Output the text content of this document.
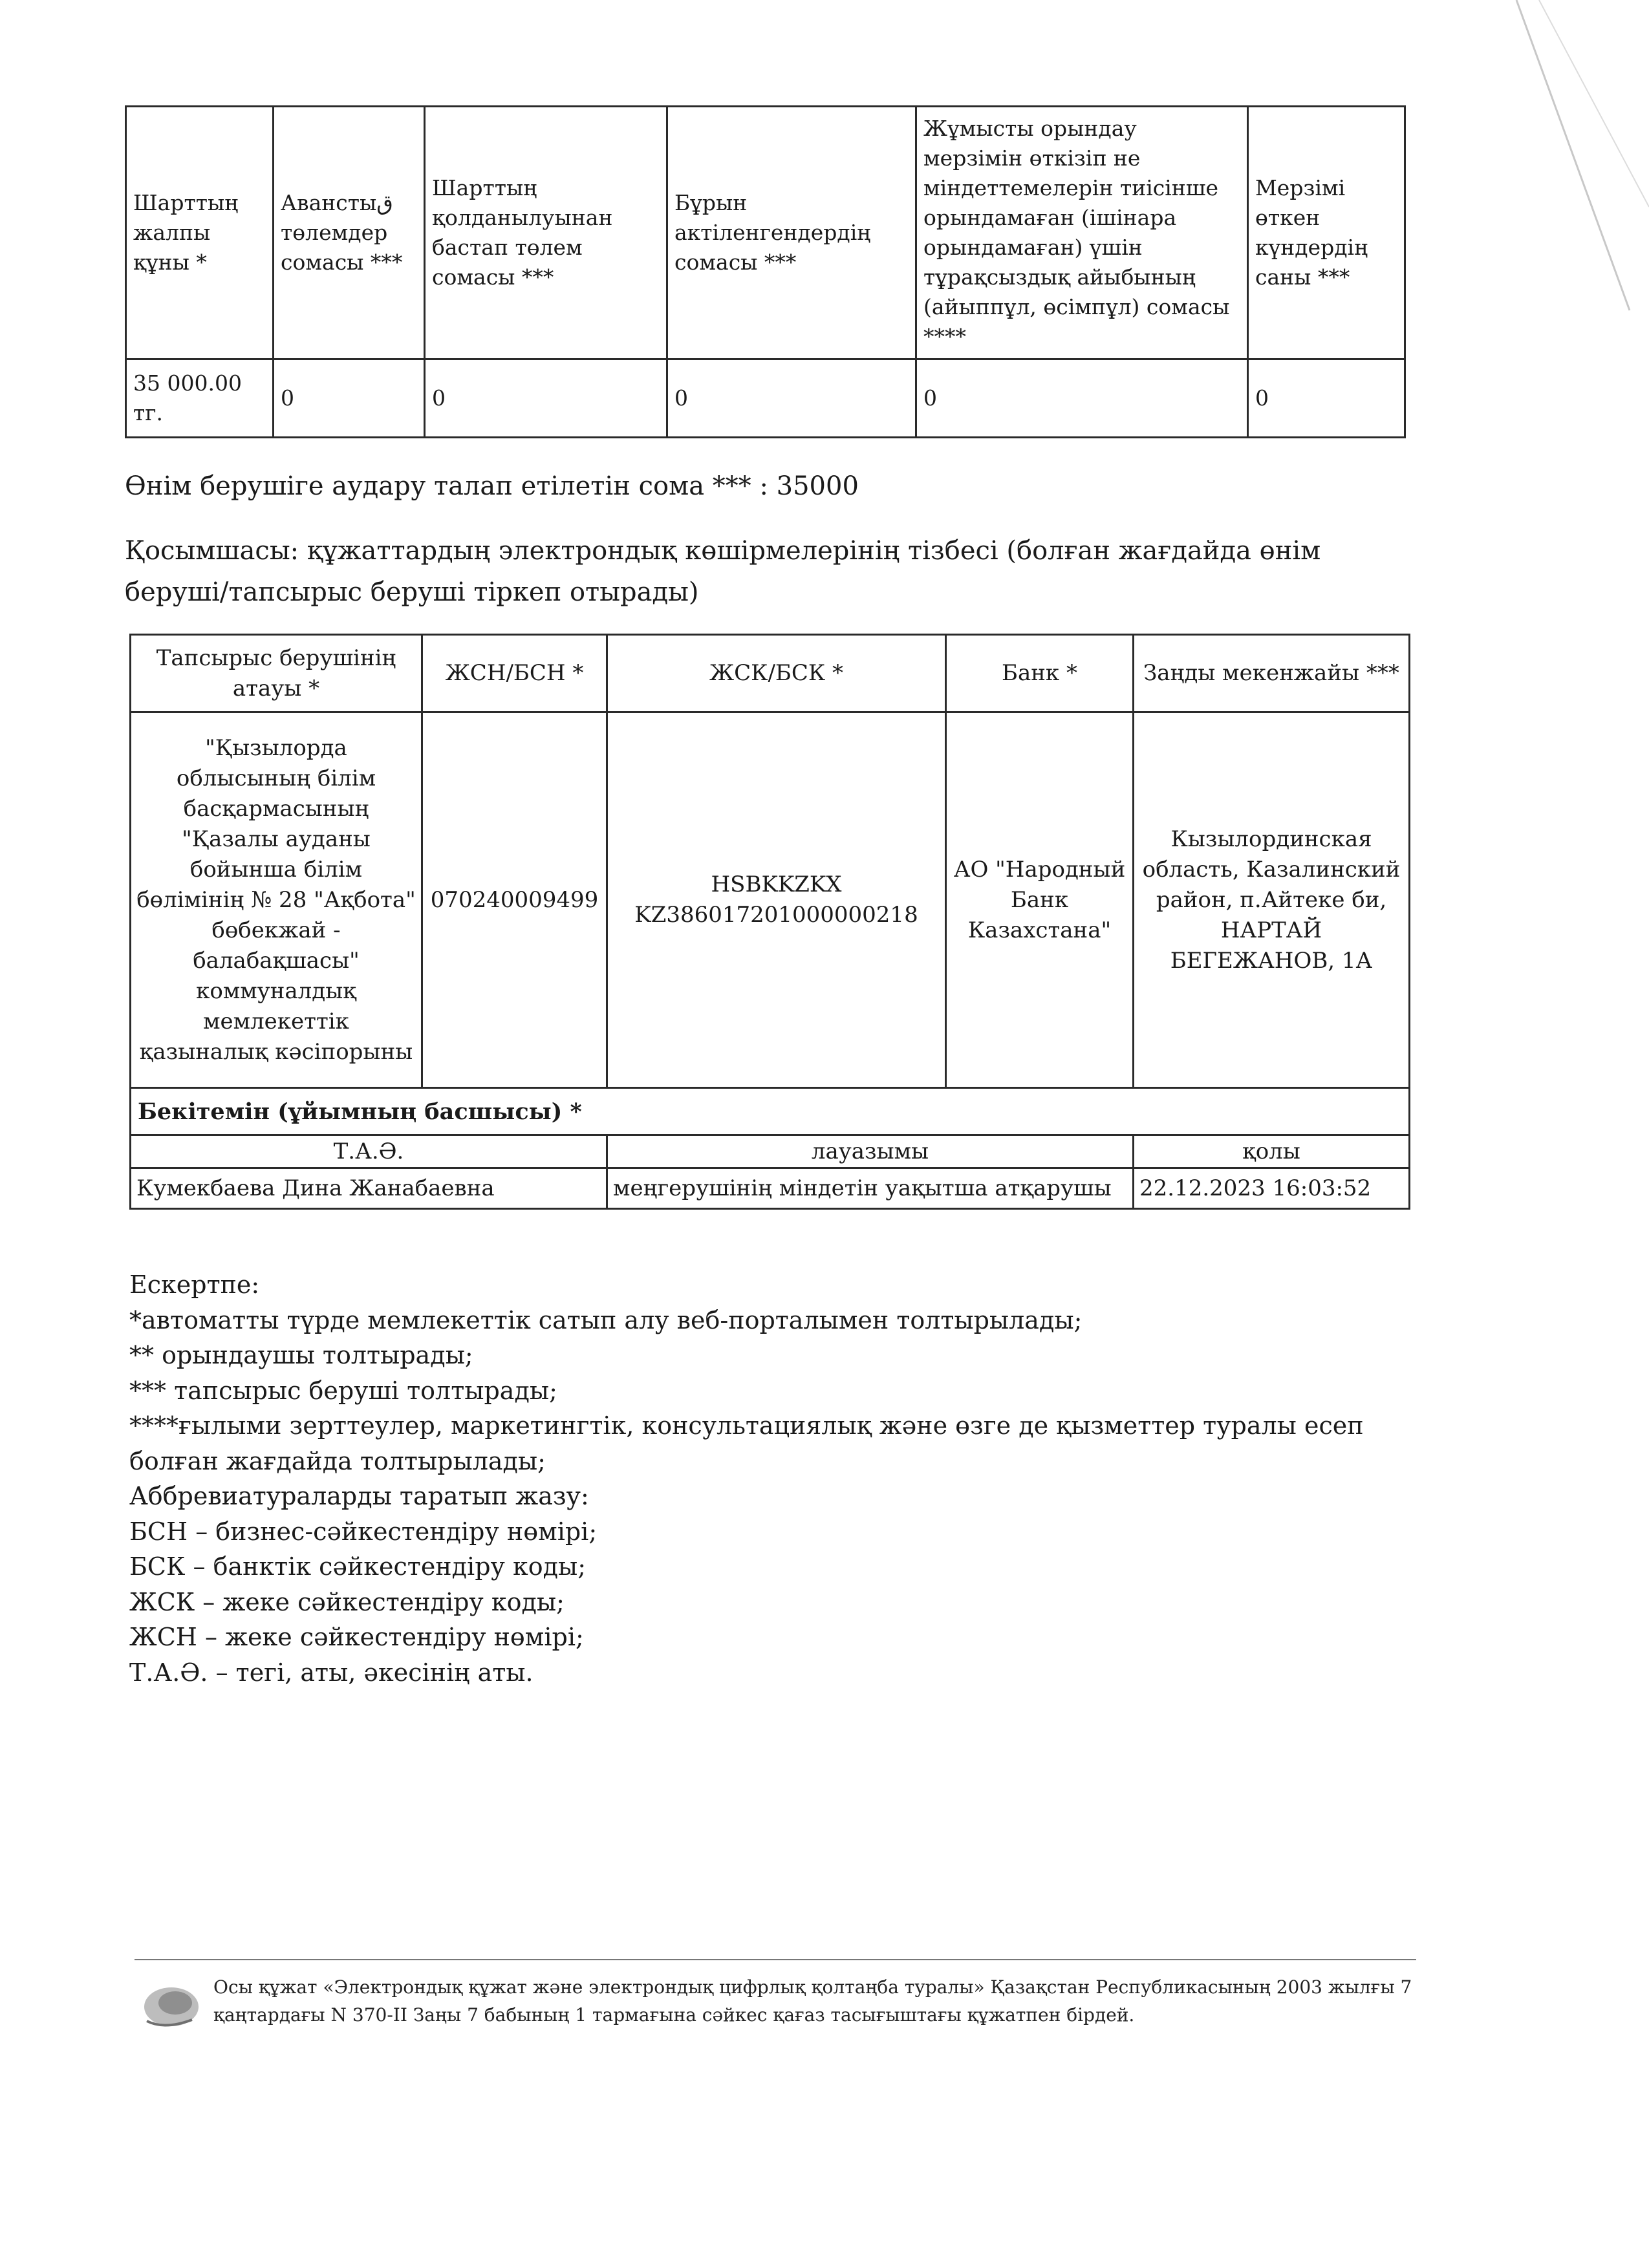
Шарттың жалпы құны *	Аванстыق төлемдер сомасы ***	Шарттың қолданылуынан бастап төлем сомасы ***	Бұрын актіленгендердің сомасы ***	Жұмысты орындау мерзімін өткізіп не міндеттемелерін тиісінше орындамаған (ішінара орындамаған) үшін тұрақсыздық айыбының (айыппұл, өсімпұл) сомасы ****	Мерзімі өткен күндердің саны ***
35 000.00 тг.	0	0	0	0	0
Өнім берушіге аудару талап етілетін сома *** : 35000
Қосымшасы: құжаттардың электрондық көшірмелерінің тізбесі (болған жағдайда өнім
беруші/тапсырыс беруші тіркеп отырады)
Тапсырыс берушінің атауы *	ЖСН/БСН *	ЖСК/БСК *	Банк *	Заңды мекенжайы ***
"Қызылорда облысының білім басқармасының "Қазалы ауданы бойынша білім бөлімінің № 28 "Ақбота" бөбекжай - балабақшасы" коммуналдық мемлекеттік қазыналық кәсіпорыны	070240009499	HSBKKZKX KZ386017201000000218	АО "Народный Банк Казахстана"	Кызылординская область, Казалинский район, п.Айтеке би, НАРТАЙ БЕГЕЖАНОВ, 1А
Бекітемін (ұйымның басшысы) *				
Т.А.Ә.		лауазымы		қолы
Кумекбаева Дина Жанабаевна		меңгерушінің міндетін уақытша атқарушы		22.12.2023 16:03:52
Ескертпе:
*автоматты түрде мемлекеттік сатып алу веб-порталымен толтырылады;
** орындаушы толтырады;
*** тапсырыс беруші толтырады;
****ғылыми зерттеулер, маркетингтік, консультациялық және өзге де қызметтер туралы есеп
болған жағдайда толтырылады;
Аббревиатураларды таратып жазу:
БСН – бизнес-сәйкестендіру нөмірі;
БСК – банктік сәйкестендіру коды;
ЖСК – жеке сәйкестендіру коды;
ЖСН – жеке сәйкестендіру нөмірі;
Т.А.Ә. – тегі, аты, әкесінің аты.
Осы құжат «Электрондық құжат және электрондық цифрлық қолтаңба туралы» Қазақстан Республикасының 2003 жылғы 7 қаңтардағы N 370-II Заңы 7 бабының 1 тармағына сәйкес қағаз тасығыштағы құжатпен бірдей.
